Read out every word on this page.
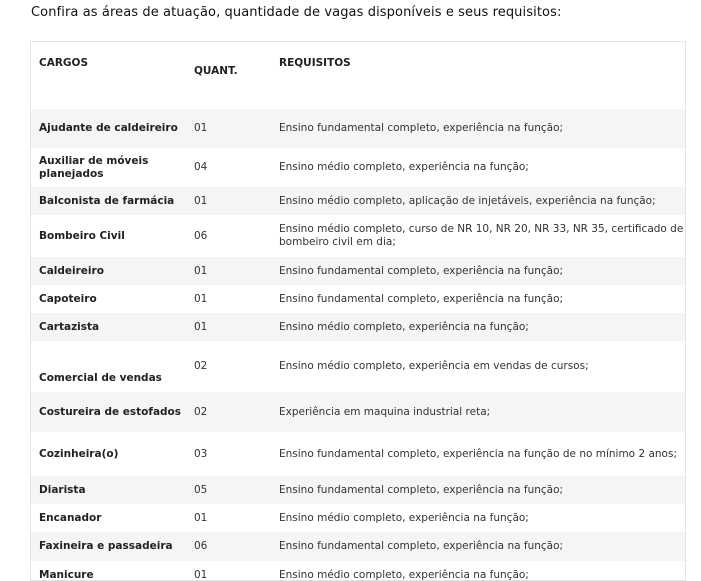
Confira as áreas de atuação, quantidade de vagas disponíveis e seus requisitos:
CARGOS	QUANT.	REQUISITOS
Ajudante de caldeireiro	01	Ensino fundamental completo, experiência na função;
Auxiliar de móveis planejados	04	Ensino médio completo, experiência na função;
Balconista de farmácia	01	Ensino médio completo, aplicação de injetáveis, experiência na função;
Bombeiro Civil	06	Ensino médio completo, curso de NR 10, NR 20, NR 33, NR 35, certificado de bombeiro civil em dia;
Caldeireiro	01	Ensino fundamental completo, experiência na função;
Capoteiro	01	Ensino fundamental completo, experiência na função;
Cartazista	01	Ensino médio completo, experiência na função;
Comercial de vendas	02	Ensino médio completo, experiência em vendas de cursos;
Costureira de estofados	02	Experiência em maquina industrial reta;
Cozinheira(o)	03	Ensino fundamental completo, experiência na função de no mínimo 2 anos;
Diarista	05	Ensino fundamental completo, experiência na função;
Encanador	01	Ensino médio completo, experiência na função;
Faxineira e passadeira	06	Ensino fundamental completo, experiência na função;
Manicure	01	Ensino médio completo, experiência na função;
